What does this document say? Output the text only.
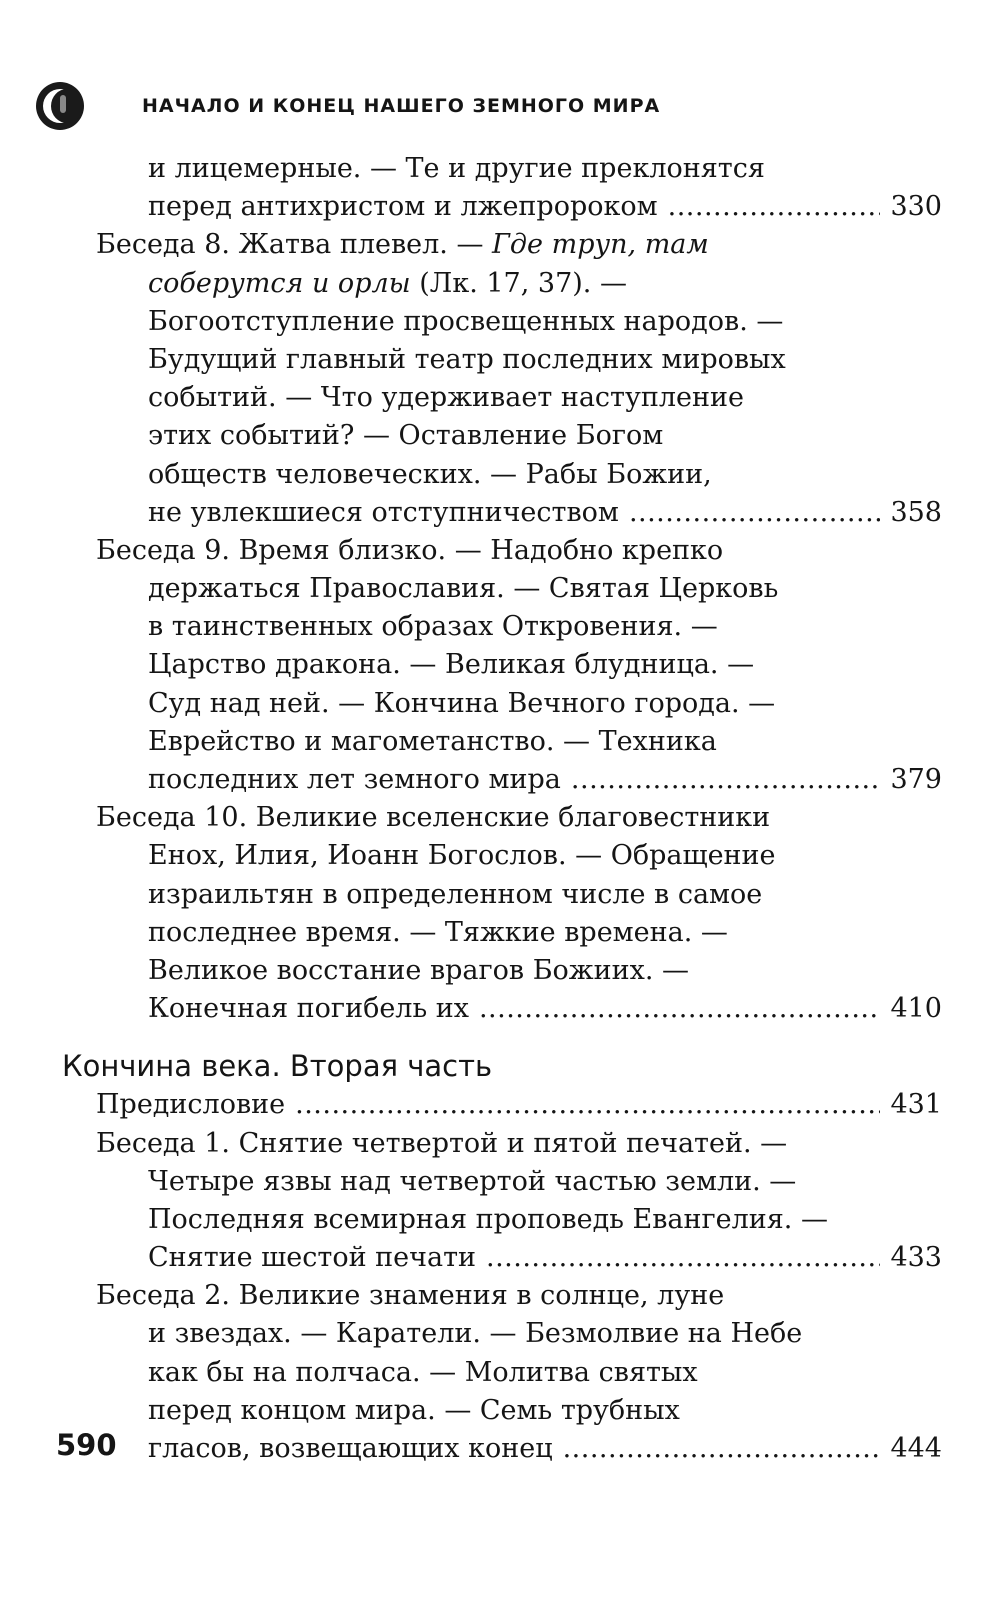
НАЧАЛО И КОНЕЦ НАШЕГО ЗЕМНОГО МИРА
и лицемерные. — Те и другие преклонятся
перед антихристом и лжепророком .....	330
Беседа 8. Жатва плевел. — Где труп, там
соберутся и орлы (Лк. 17, 37). —
Богоотступление просвещенных народов. —
Будущий главный театр последних мировых
событий. — Что удерживает наступление
этих событий? — Оставление Богом
обществ человеческих. — Рабы Божии,
не увлекшиеся отступничеством .....	358
Беседа 9. Время близко. — Надобно крепко
держаться Православия. — Святая Церковь
в таинственных образах Откровения. —
Царство дракона. — Великая блудница. —
Суд над ней. — Кончина Вечного города. —
Еврейство и магометанство. — Техника
последних лет земного мира .....	379
Беседа 10. Великие вселенские благовестники
Енох, Илия, Иоанн Богослов. — Обращение
израильтян в определенном числе в самое
последнее время. — Тяжкие времена. —
Великое восстание врагов Божиих. —
Конечная погибель их .....	410
Кончина века. Вторая часть
Предисловие .....	431
Беседа 1. Снятие четвертой и пятой печатей. —
Четыре язвы над четвертой частью земли. —
Последняя всемирная проповедь Евангелия. —
Снятие шестой печати .....	433
Беседа 2. Великие знамения в солнце, луне
и звездах. — Каратели. — Безмолвие на Небе
как бы на полчаса. — Молитва святых
перед концом мира. — Семь трубных
гласов, возвещающих конец .....	444
590
